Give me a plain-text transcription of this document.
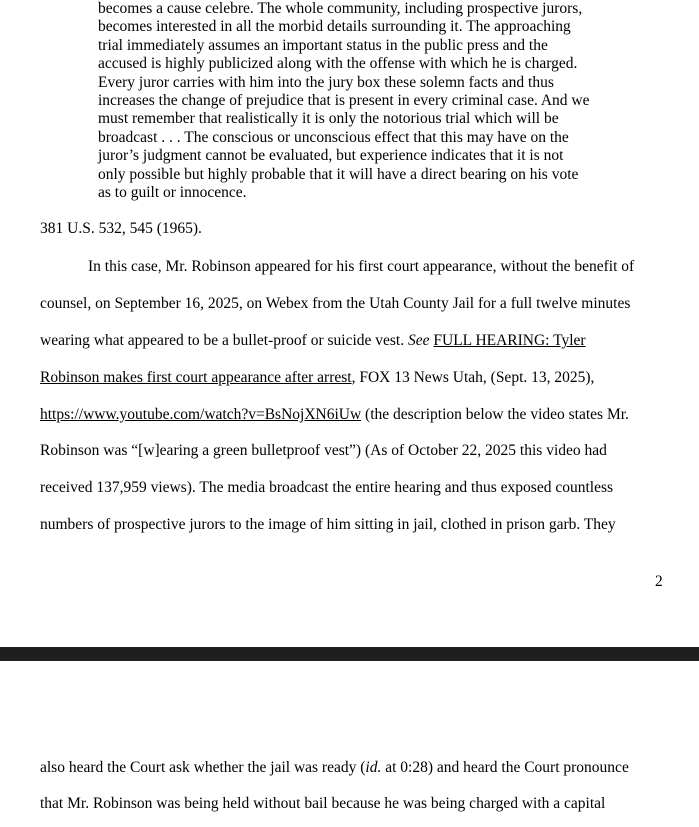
becomes a cause celebre. The whole community, including prospective jurors,
becomes interested in all the morbid details surrounding it. The approaching
trial immediately assumes an important status in the public press and the
accused is highly publicized along with the offense with which he is charged.
Every juror carries with him into the jury box these solemn facts and thus
increases the change of prejudice that is present in every criminal case. And we
must remember that realistically it is only the notorious trial which will be
broadcast . . . The conscious or unconscious effect that this may have on the
juror’s judgment cannot be evaluated, but experience indicates that it is not
only possible but highly probable that it will have a direct bearing on his vote
as to guilt or innocence.
381 U.S. 532, 545 (1965).
In this case, Mr. Robinson appeared for his first court appearance, without the benefit of
counsel, on September 16, 2025, on Webex from the Utah County Jail for a full twelve minutes
wearing what appeared to be a bullet-proof or suicide vest. See FULL HEARING: Tyler
Robinson makes first court appearance after arrest, FOX 13 News Utah, (Sept. 13, 2025),
https://www.youtube.com/watch?v=BsNojXN6iUw (the description below the video states Mr.
Robinson was “[w]earing a green bulletproof vest”) (As of October 22, 2025 this video had
received 137,959 views). The media broadcast the entire hearing and thus exposed countless
numbers of prospective jurors to the image of him sitting in jail, clothed in prison garb. They
2
also heard the Court ask whether the jail was ready (id. at 0:28) and heard the Court pronounce
that Mr. Robinson was being held without bail because he was being charged with a capital
